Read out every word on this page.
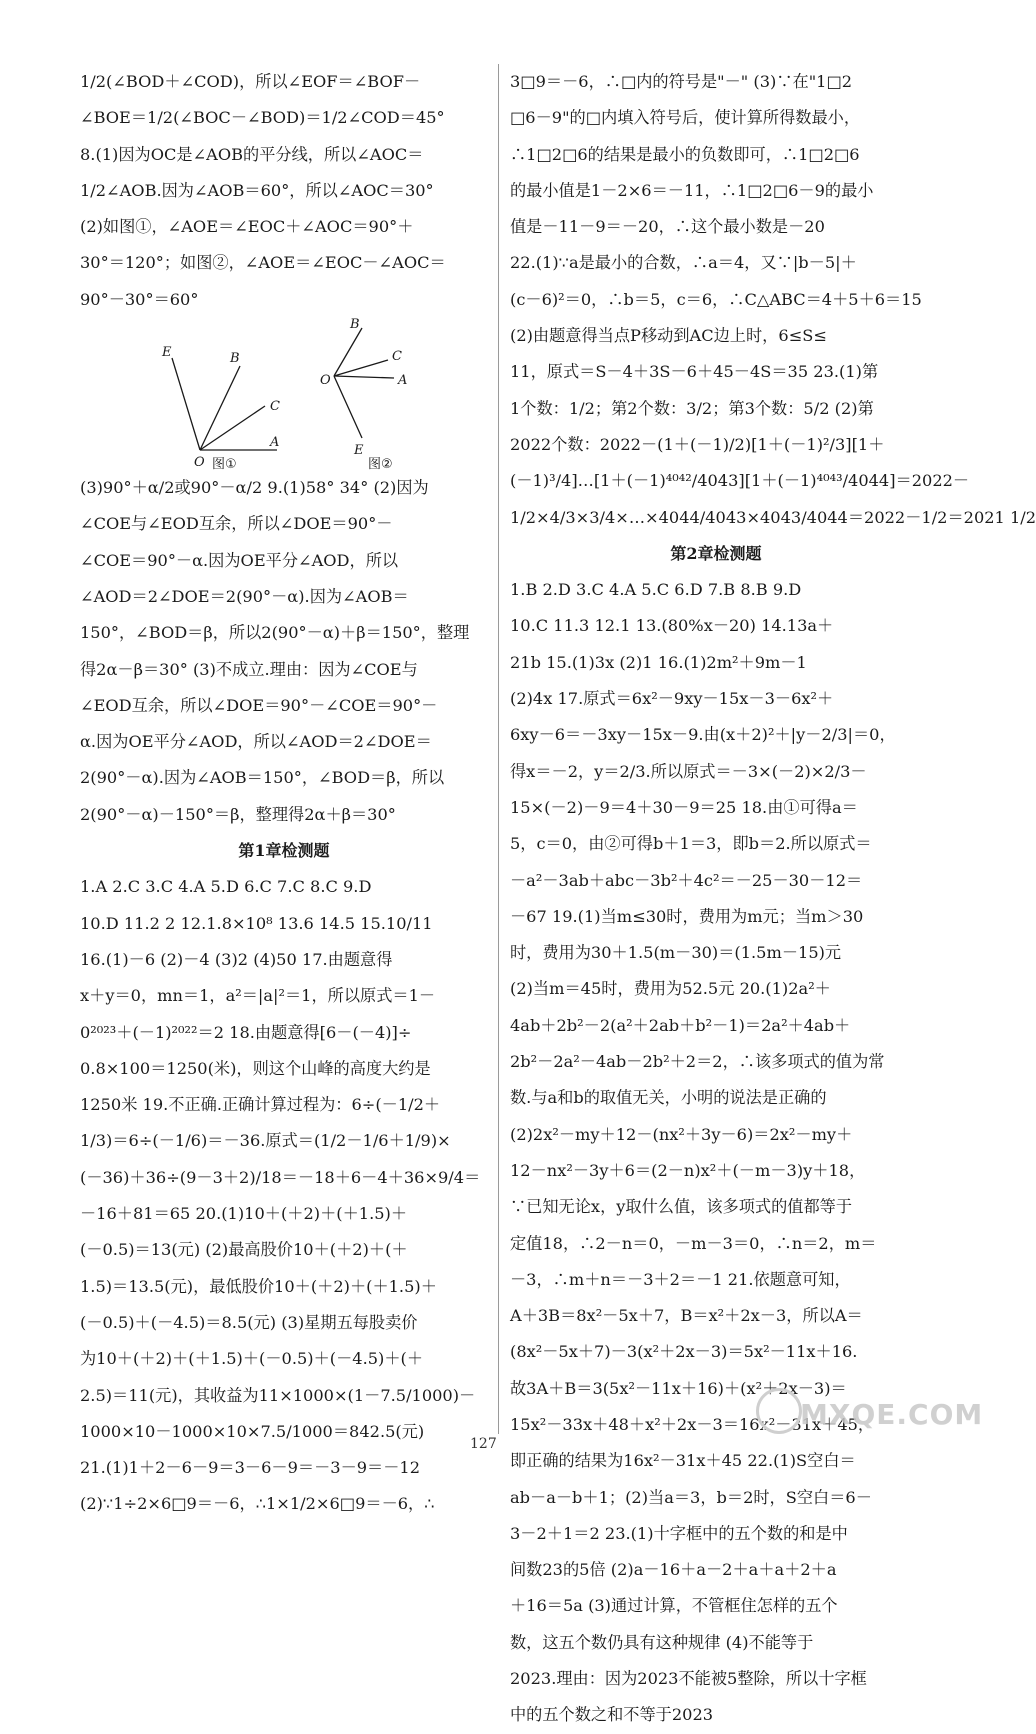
1/2(∠BOD＋∠COD)，所以∠EOF＝∠BOF－
∠BOE＝1/2(∠BOC－∠BOD)＝1/2∠COD＝45°
8.(1)因为OC是∠AOB的平分线，所以∠AOC＝
1/2∠AOB.因为∠AOB＝60°，所以∠AOC＝30°
(2)如图①，∠AOE＝∠EOC＋∠AOC＝90°＋
30°＝120°；如图②，∠AOE＝∠EOC－∠AOC＝
90°－30°＝60°
E	B
C
O
A
B
C
O	A
E
图①	图②
(3)90°＋α/2或90°－α/2 9.(1)58° 34° (2)因为
∠COE与∠EOD互余，所以∠DOE＝90°－
∠COE＝90°－α.因为OE平分∠AOD，所以
∠AOD＝2∠DOE＝2(90°－α).因为∠AOB＝
150°，∠BOD＝β，所以2(90°－α)＋β＝150°，整理
得2α－β＝30° (3)不成立.理由：因为∠COE与
∠EOD互余，所以∠DOE＝90°－∠COE＝90°－
α.因为OE平分∠AOD，所以∠AOD＝2∠DOE＝
2(90°－α).因为∠AOB＝150°，∠BOD＝β，所以
2(90°－α)－150°＝β，整理得2α＋β＝30°
第1章检测题
1.A 2.C 3.C 4.A 5.D 6.C 7.C 8.C 9.D
10.D 11.2 2 12.1.8×10⁸ 13.6 14.5 15.10/11
16.(1)－6 (2)－4 (3)2 (4)50 17.由题意得
x＋y＝0，mn＝1，a²＝|a|²＝1，所以原式＝1－
0²⁰²³＋(－1)²⁰²²＝2 18.由题意得[6－(－4)]÷
0.8×100＝1250(米)，则这个山峰的高度大约是
1250米 19.不正确.正确计算过程为：6÷(－1/2＋
1/3)＝6÷(－1/6)＝－36.原式＝(1/2－1/6＋1/9)×
(－36)＋36÷(9－3＋2)/18＝－18＋6－4＋36×9/4＝
－16＋81＝65 20.(1)10＋(＋2)＋(＋1.5)＋
(－0.5)＝13(元) (2)最高股价10＋(＋2)＋(＋
1.5)＝13.5(元)，最低股价10＋(＋2)＋(＋1.5)＋
(－0.5)＋(－4.5)＝8.5(元) (3)星期五每股卖价
为10＋(＋2)＋(＋1.5)＋(－0.5)＋(－4.5)＋(＋
2.5)＝11(元)，其收益为11×1000×(1－7.5/1000)－
1000×10－1000×10×7.5/1000＝842.5(元)
21.(1)1＋2－6－9＝3－6－9＝－3－9＝－12
(2)∵1÷2×6□9＝－6，∴1×1/2×6□9＝－6，∴
3□9＝－6，∴□内的符号是"－" (3)∵在"1□2
□6－9"的□内填入符号后，使计算所得数最小，
∴1□2□6的结果是最小的负数即可，∴1□2□6
的最小值是1－2×6＝－11，∴1□2□6－9的最小
值是－11－9＝－20，∴这个最小数是－20
22.(1)∵a是最小的合数，∴a＝4，又∵|b－5|＋
(c－6)²＝0，∴b＝5，c＝6，∴C△ABC＝4＋5＋6＝15
(2)由题意得当点P移动到AC边上时，6≤S≤
11，原式＝S－4＋3S－6＋45－4S＝35 23.(1)第
1个数：1/2；第2个数：3/2；第3个数：5/2 (2)第
2022个数：2022－(1＋(－1)/2)[1＋(－1)²/3][1＋
(－1)³/4]…[1＋(－1)⁴⁰⁴²/4043][1＋(－1)⁴⁰⁴³/4044]＝2022－
1/2×4/3×3/4×…×4044/4043×4043/4044＝2022－1/2＝2021 1/2
第2章检测题
1.B 2.D 3.C 4.A 5.C 6.D 7.B 8.B 9.D
10.C 11.3 12.1 13.(80%x－20) 14.13a＋
21b 15.(1)3x (2)1 16.(1)2m²＋9m－1
(2)4x 17.原式＝6x²－9xy－15x－3－6x²＋
6xy－6＝－3xy－15x－9.由(x＋2)²＋|y－2/3|＝0，
得x＝－2，y＝2/3.所以原式＝－3×(－2)×2/3－
15×(－2)－9＝4＋30－9＝25 18.由①可得a＝
5，c＝0，由②可得b＋1＝3，即b＝2.所以原式＝
－a²－3ab＋abc－3b²＋4c²＝－25－30－12＝
－67 19.(1)当m≤30时，费用为m元；当m＞30
时，费用为30＋1.5(m－30)＝(1.5m－15)元
(2)当m＝45时，费用为52.5元 20.(1)2a²＋
4ab＋2b²－2(a²＋2ab＋b²－1)＝2a²＋4ab＋
2b²－2a²－4ab－2b²＋2＝2，∴该多项式的值为常
数.与a和b的取值无关，小明的说法是正确的
(2)2x²－my＋12－(nx²＋3y－6)＝2x²－my＋
12－nx²－3y＋6＝(2－n)x²＋(－m－3)y＋18，
∵已知无论x，y取什么值，该多项式的值都等于
定值18，∴2－n＝0，－m－3＝0，∴n＝2，m＝
－3，∴m＋n＝－3＋2＝－1 21.依题意可知，
A＋3B＝8x²－5x＋7，B＝x²＋2x－3，所以A＝
(8x²－5x＋7)－3(x²＋2x－3)＝5x²－11x＋16.
故3A＋B＝3(5x²－11x＋16)＋(x²＋2x－3)＝
15x²－33x＋48＋x²＋2x－3＝16x²－31x＋45，
即正确的结果为16x²－31x＋45 22.(1)S空白＝
ab－a－b＋1；(2)当a＝3，b＝2时，S空白＝6－
3－2＋1＝2 23.(1)十字框中的五个数的和是中
间数23的5倍 (2)a－16＋a－2＋a＋a＋2＋a
＋16＝5a (3)通过计算，不管框住怎样的五个
数，这五个数仍具有这种规律 (4)不能等于
2023.理由：因为2023不能被5整除，所以十字框
中的五个数之和不等于2023
127
MXQE.COM
